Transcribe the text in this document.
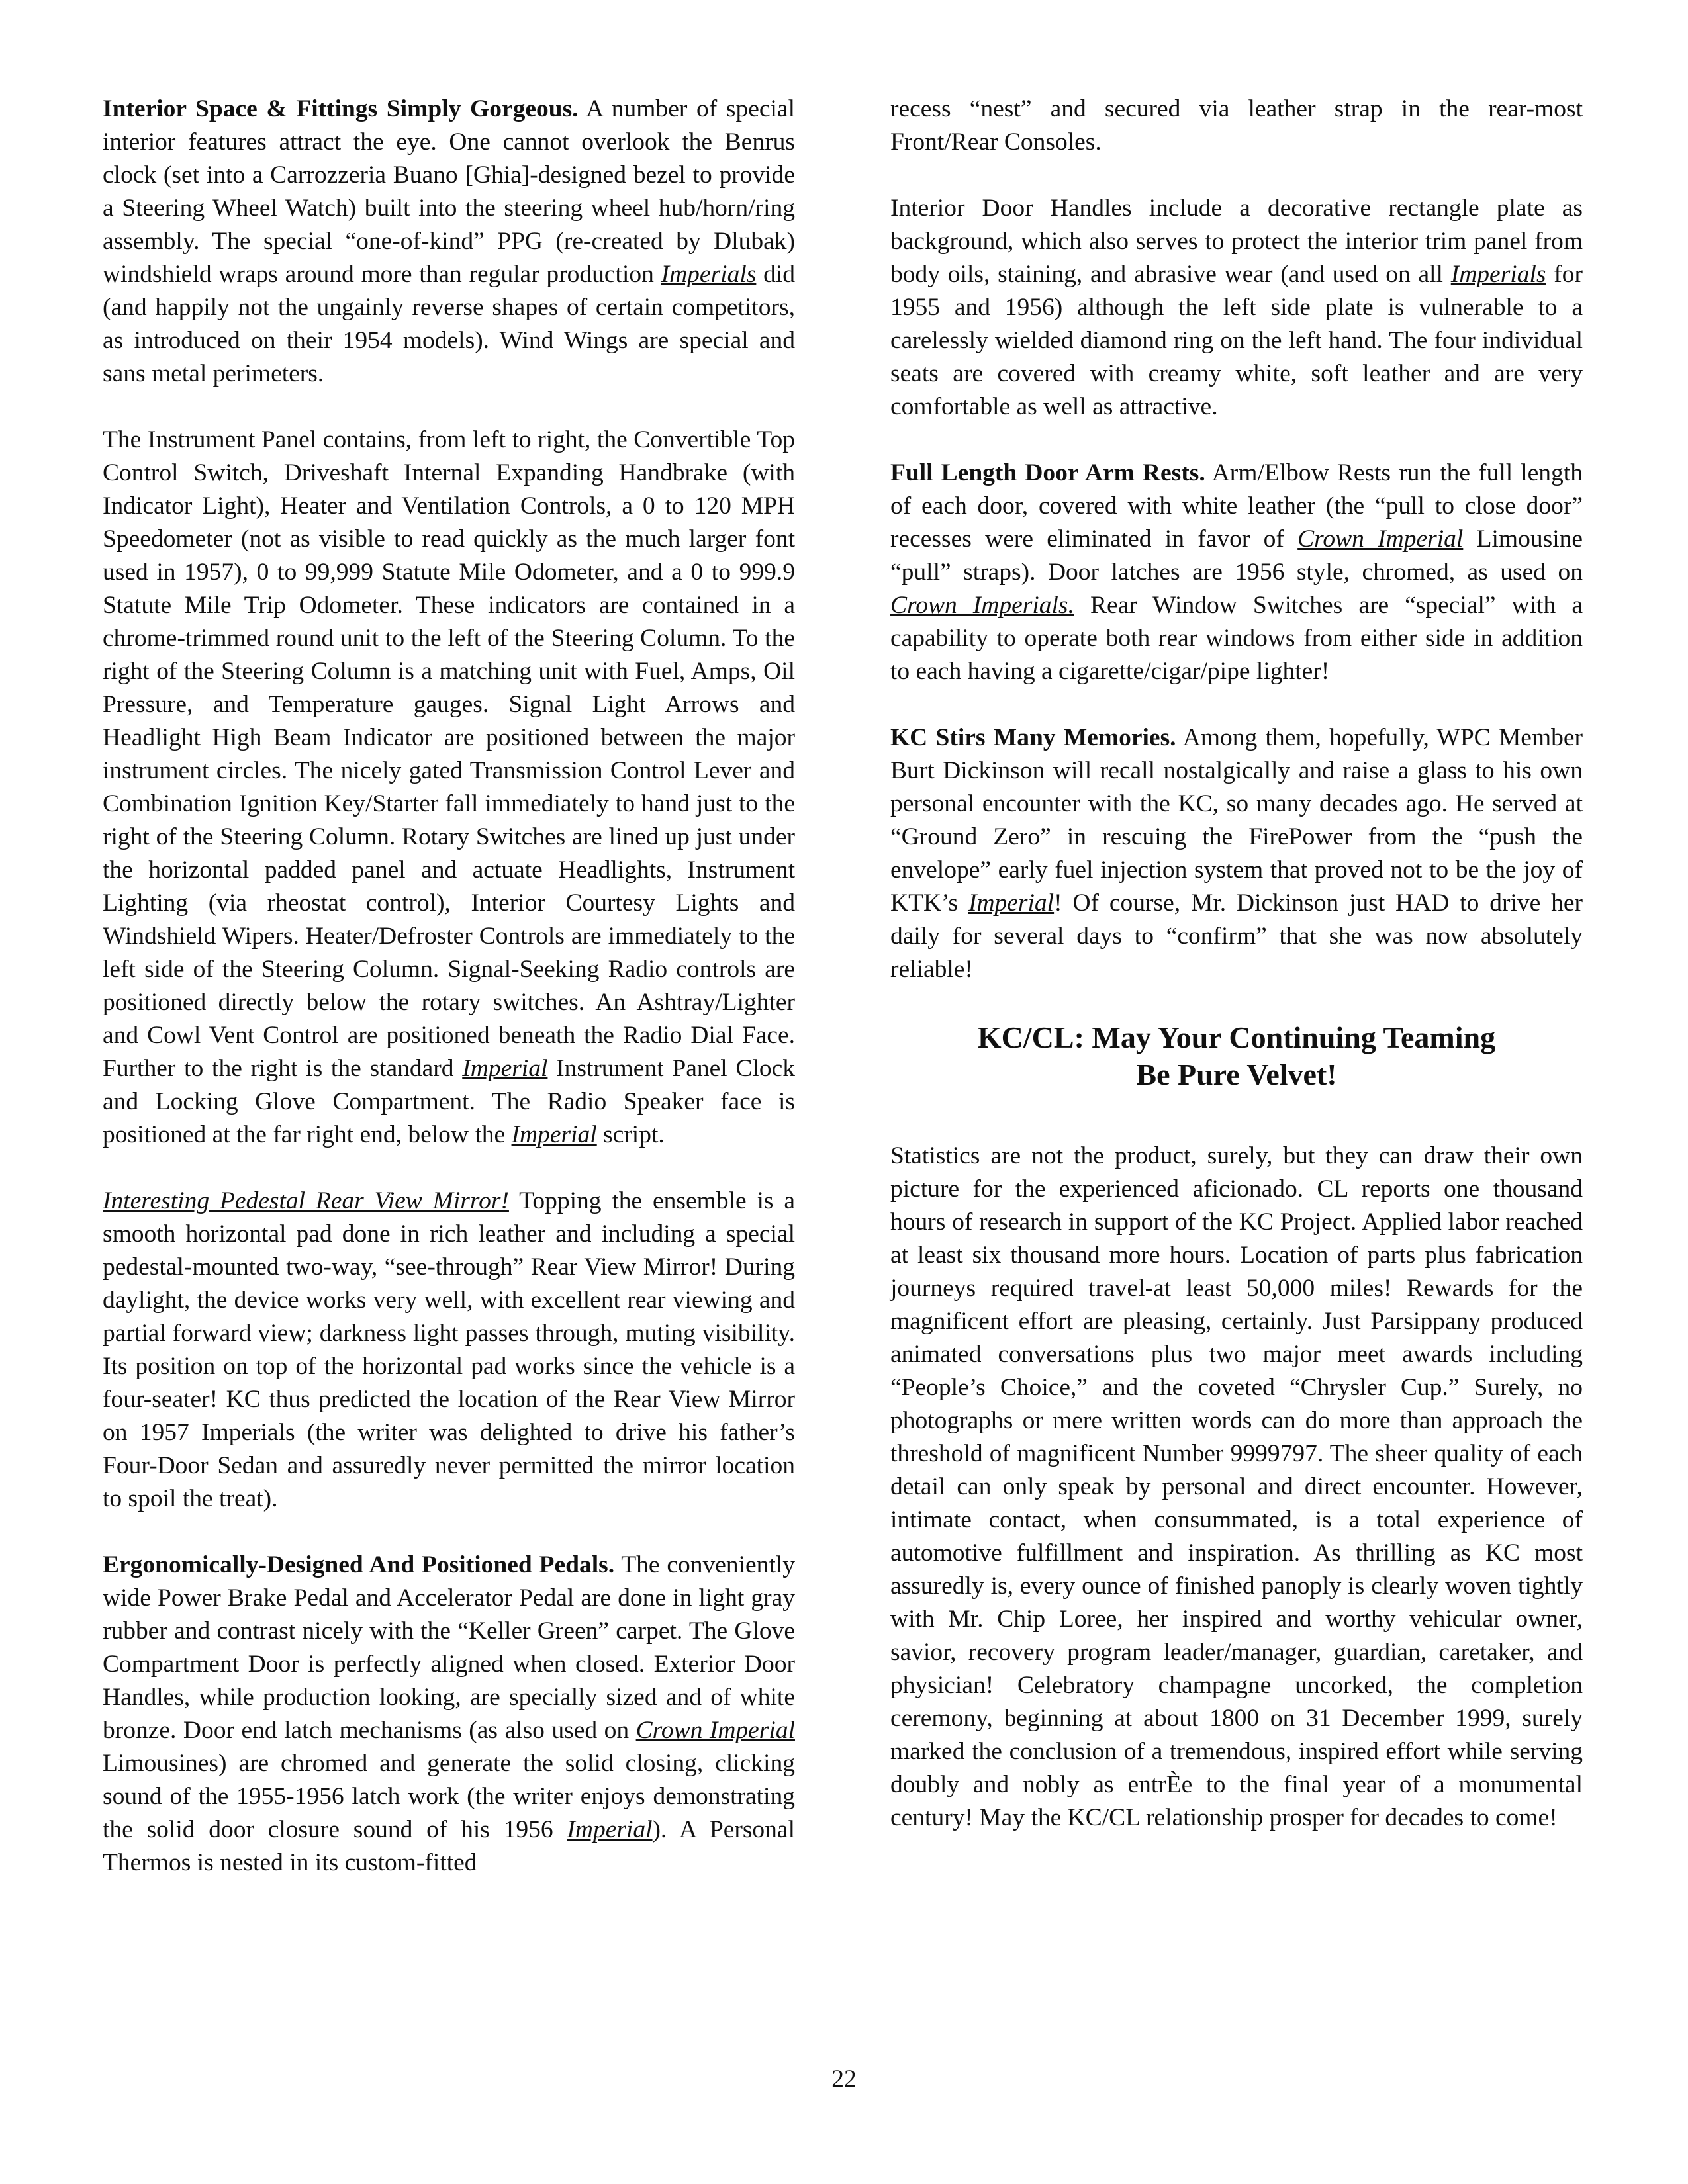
Interior Space & Fittings Simply Gorgeous. A number of special interior features attract the eye. One cannot overlook the Benrus clock (set into a Carrozzeria Buano [Ghia]-designed bezel to provide a Steering Wheel Watch) built into the steering wheel hub/horn/ring assembly. The special “one-of-kind” PPG (re-created by Dlubak) windshield wraps around more than regular production Imperials did (and happily not the ungainly reverse shapes of certain competitors, as introduced on their 1954 models). Wind Wings are special and sans metal perimeters.

The Instrument Panel contains, from left to right, the Convertible Top Control Switch, Driveshaft Internal Expanding Handbrake (with Indicator Light), Heater and Ventilation Controls, a 0 to 120 MPH Speedometer (not as visible to read quickly as the much larger font used in 1957), 0 to 99,999 Statute Mile Odometer, and a 0 to 999.9 Statute Mile Trip Odometer. These indicators are contained in a chrome-trimmed round unit to the left of the Steering Column. To the right of the Steering Column is a matching unit with Fuel, Amps, Oil Pressure, and Temperature gauges. Signal Light Arrows and Headlight High Beam Indicator are positioned between the major instrument circles. The nicely gated Transmission Control Lever and Combination Ignition Key/Starter fall immediately to hand just to the right of the Steering Column. Rotary Switches are lined up just under the horizontal padded panel and actuate Headlights, Instrument Lighting (via rheostat control), Interior Courtesy Lights and Windshield Wipers. Heater/Defroster Controls are immediately to the left side of the Steering Column. Signal-Seeking Radio controls are positioned directly below the rotary switches. An Ashtray/Lighter and Cowl Vent Control are positioned beneath the Radio Dial Face. Further to the right is the standard Imperial Instrument Panel Clock and Locking Glove Compartment. The Radio Speaker face is positioned at the far right end, below the Imperial script.

Interesting Pedestal Rear View Mirror! Topping the ensemble is a smooth horizontal pad done in rich leather and including a special pedestal-mounted two-way, “see-through” Rear View Mirror! During daylight, the device works very well, with excellent rear viewing and partial forward view; darkness light passes through, muting visibility. Its position on top of the horizontal pad works since the vehicle is a four-seater! KC thus predicted the location of the Rear View Mirror on 1957 Imperials (the writer was delighted to drive his father’s Four-Door Sedan and assuredly never permitted the mirror location to spoil the treat).

Ergonomically-Designed And Positioned Pedals. The conveniently wide Power Brake Pedal and Accelerator Pedal are done in light gray rubber and contrast nicely with the “Keller Green” carpet. The Glove Compartment Door is perfectly aligned when closed. Exterior Door Handles, while production looking, are specially sized and of white bronze. Door end latch mechanisms (as also used on Crown Imperial Limousines) are chromed and generate the solid closing, clicking sound of the 1955-1956 latch work (the writer enjoys demonstrating the solid door closure sound of his 1956 Imperial). A Personal Thermos is nested in its custom-fitted

recess “nest” and secured via leather strap in the rear-most Front/Rear Consoles.

Interior Door Handles include a decorative rectangle plate as background, which also serves to protect the interior trim panel from body oils, staining, and abrasive wear (and used on all Imperials for 1955 and 1956) although the left side plate is vulnerable to a carelessly wielded diamond ring on the left hand. The four individual seats are covered with creamy white, soft leather and are very comfortable as well as attractive.

Full Length Door Arm Rests. Arm/Elbow Rests run the full length of each door, covered with white leather (the “pull to close door” recesses were eliminated in favor of Crown Imperial Limousine “pull” straps). Door latches are 1956 style, chromed, as used on Crown Imperials. Rear Window Switches are “special” with a capability to operate both rear windows from either side in addition to each having a cigarette/cigar/pipe lighter!

KC Stirs Many Memories. Among them, hopefully, WPC Member Burt Dickinson will recall nostalgically and raise a glass to his own personal encounter with the KC, so many decades ago. He served at “Ground Zero” in rescuing the FirePower from the “push the envelope” early fuel injection system that proved not to be the joy of KTK’s Imperial! Of course, Mr. Dickinson just HAD to drive her daily for several days to “confirm” that she was now absolutely reliable!

KC/CL: May Your Continuing Teaming
Be Pure Velvet!

Statistics are not the product, surely, but they can draw their own picture for the experienced aficionado. CL reports one thousand hours of research in support of the KC Project. Applied labor reached at least six thousand more hours. Location of parts plus fabrication journeys required travel-at least 50,000 miles! Rewards for the magnificent effort are pleasing, certainly. Just Parsippany produced animated conversations plus two major meet awards including “People’s Choice,” and the coveted “Chrysler Cup.” Surely, no photographs or mere written words can do more than approach the threshold of magnificent Number 9999797. The sheer quality of each detail can only speak by personal and direct encounter. However, intimate contact, when consummated, is a total experience of automotive fulfillment and inspiration. As thrilling as KC most assuredly is, every ounce of finished panoply is clearly woven tightly with Mr. Chip Loree, her inspired and worthy vehicular owner, savior, recovery program leader/manager, guardian, caretaker, and physician! Celebratory champagne uncorked, the completion ceremony, beginning at about 1800 on 31 December 1999, surely marked the conclusion of a tremendous, inspired effort while serving doubly and nobly as entrÈe to the final year of a monumental century! May the KC/CL relationship prosper for decades to come!

22
